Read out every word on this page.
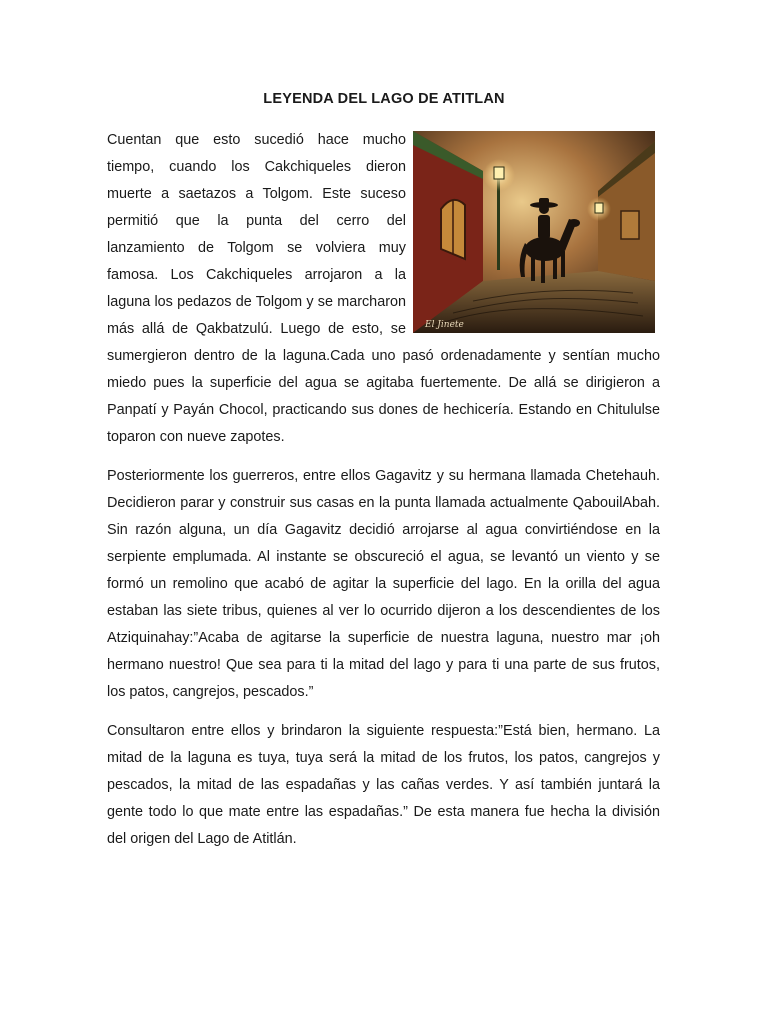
LEYENDA DEL LAGO DE ATITLAN
El Jinete

Cuentan que esto sucedió hace mucho tiempo, cuando los Cakchiqueles dieron muerte a saetazos a Tolgom. Este suceso permitió que la punta del cerro del lanzamiento de Tolgom se volviera muy famosa. Los Cakchiqueles arrojaron a la laguna los pedazos de Tolgom y se marcharon más allá de Qakbatzulú. Luego de esto, se sumergieron dentro de la laguna.Cada uno pasó ordenadamente y sentían mucho miedo pues la superficie del agua se agitaba fuertemente. De allá se dirigieron a Panpatí y Payán Chocol, practicando sus dones de hechicería. Estando en Chitululse toparon con nueve zapotes.

Posteriormente los guerreros, entre ellos Gagavitz y su hermana llamada Chetehauh. Decidieron parar y construir sus casas en la punta llamada actualmente QabouilAbah. Sin razón alguna, un día Gagavitz decidió arrojarse al agua convirtiéndose en la serpiente emplumada. Al instante se obscureció el agua, se levantó un viento y se formó un remolino que acabó de agitar la superficie del lago. En la orilla del agua estaban las siete tribus, quienes al ver lo ocurrido dijeron a los descendientes de los Atziquinahay:”Acaba de agitarse la superficie de nuestra laguna, nuestro mar ¡oh hermano nuestro! Que sea para ti la mitad del lago y para ti una parte de sus frutos, los patos, cangrejos, pescados.”

Consultaron entre ellos y brindaron la siguiente respuesta:”Está bien, hermano. La mitad de la laguna es tuya, tuya será la mitad de los frutos, los patos, cangrejos y pescados, la mitad de las espadañas y las cañas verdes. Y así también juntará la gente todo lo que mate entre las espadañas.” De esta manera fue hecha la división del origen del Lago de Atitlán.
